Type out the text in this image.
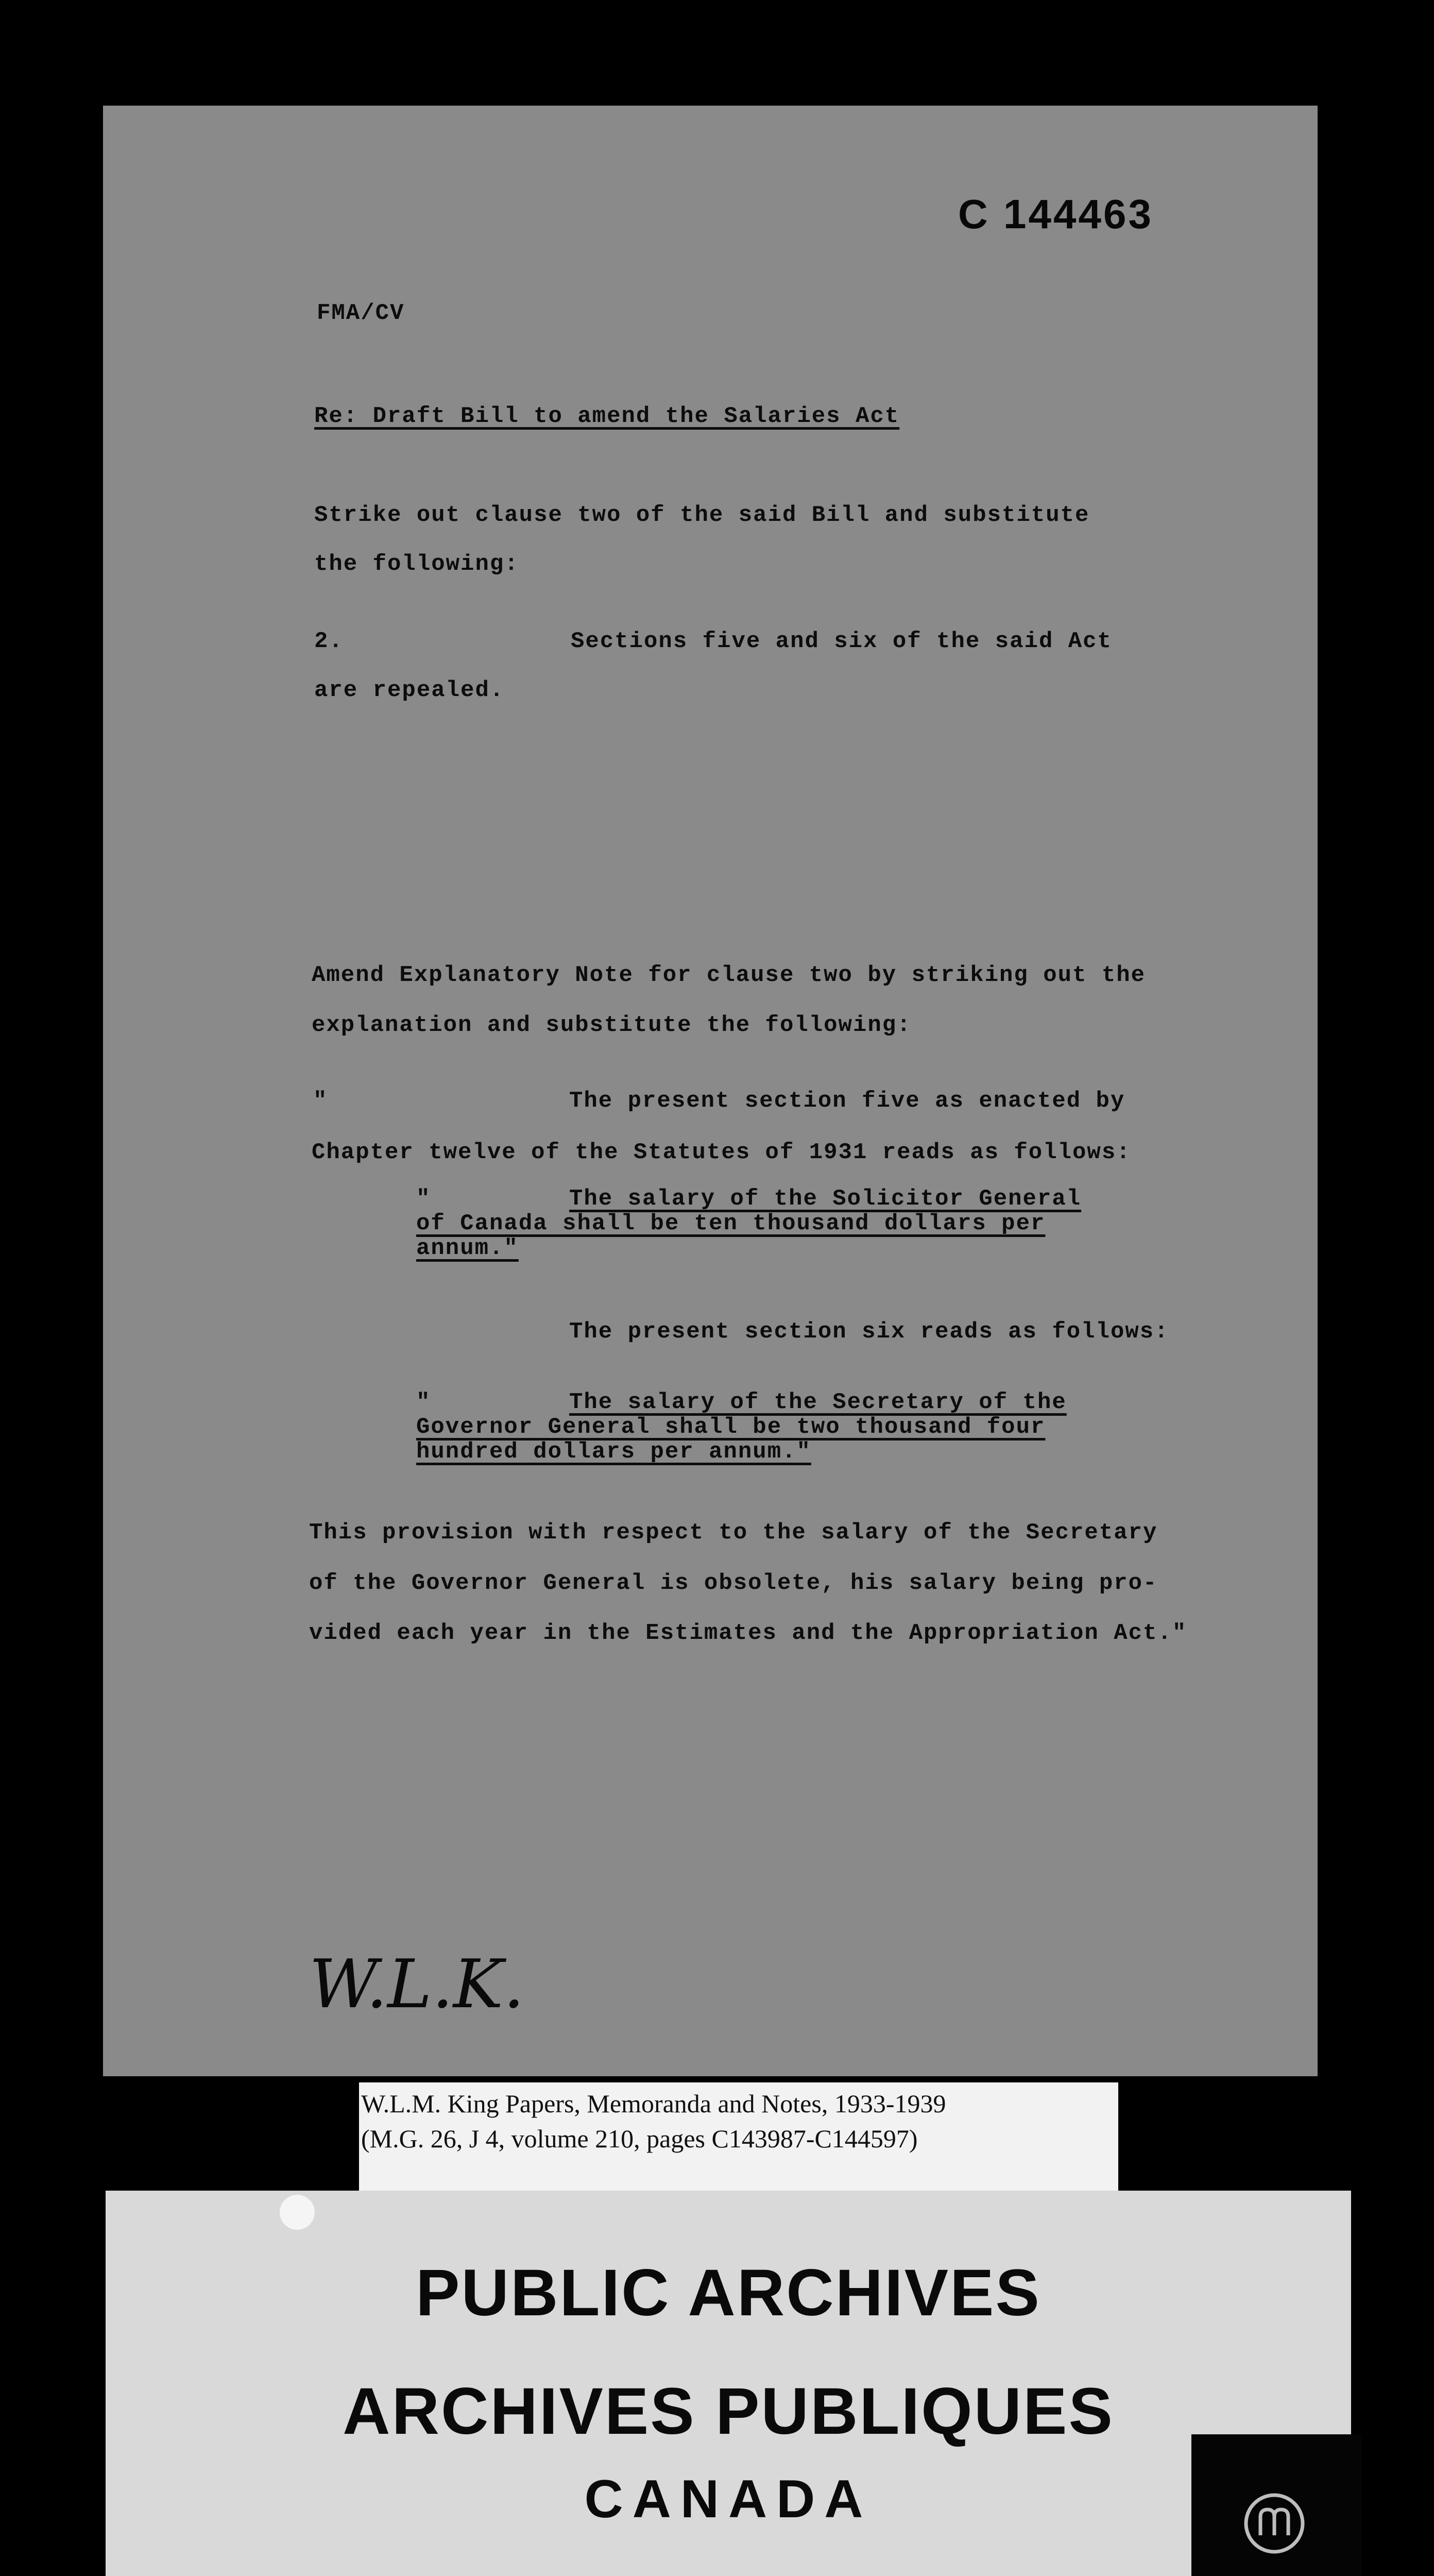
C 144463
FMA/CV
Re: Draft Bill to amend the Salaries Act
Strike out clause two of the said Bill and substitute
the following:
2.	Sections five and six of the said Act
are repealed.
Amend Explanatory Note for clause two by striking out the
explanation and substitute the following:
"	The present section five as enacted by
Chapter twelve of the Statutes of 1931 reads as follows:
"	The salary of the Solicitor General
of Canada shall be ten thousand dollars per
annum."
The present section six reads as follows:
"	The salary of the Secretary of the
Governor General shall be two thousand four
hundred dollars per annum."
This provision with respect to the salary of the Secretary
of the Governor General is obsolete, his salary being pro-
vided each year in the Estimates and the Appropriation Act."
W.L.K.
W.L.M. King Papers, Memoranda and Notes, 1933-1939
(M.G. 26, J 4, volume 210, pages C143987-C144597)
PUBLIC ARCHIVES
ARCHIVES PUBLIQUES
CANADA
